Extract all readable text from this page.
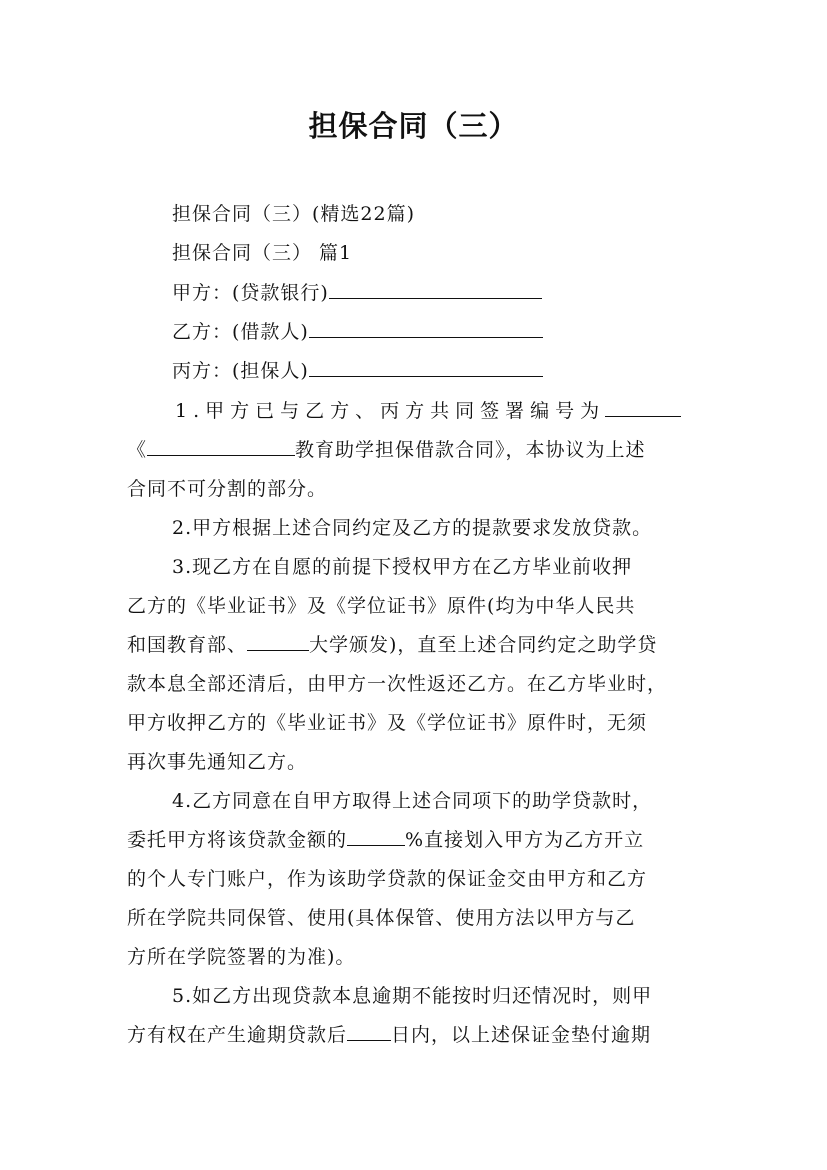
担保合同（三）
担保合同（三）(精选22篇)
担保合同（三） 篇1
甲方：(贷款银行)
乙方：(借款人)
丙方：(担保人)
1.甲方已与乙方、丙方共同签署编号为
《	教育助学担保借款合同》，本协议为上述
合同不可分割的部分。
2.甲方根据上述合同约定及乙方的提款要求发放贷款。
3.现乙方在自愿的前提下授权甲方在乙方毕业前收押
乙方的《毕业证书》及《学位证书》原件(均为中华人民共
和国教育部、	大学颁发)，直至上述合同约定之助学贷
款本息全部还清后，由甲方一次性返还乙方。在乙方毕业时，
甲方收押乙方的《毕业证书》及《学位证书》原件时，无须
再次事先通知乙方。
4.乙方同意在自甲方取得上述合同项下的助学贷款时，
委托甲方将该贷款金额的	%直接划入甲方为乙方开立
的个人专门账户，作为该助学贷款的保证金交由甲方和乙方
所在学院共同保管、使用(具体保管、使用方法以甲方与乙
方所在学院签署的为准)。
5.如乙方出现贷款本息逾期不能按时归还情况时，则甲
方有权在产生逾期贷款后 日内，以上述保证金垫付逾期
